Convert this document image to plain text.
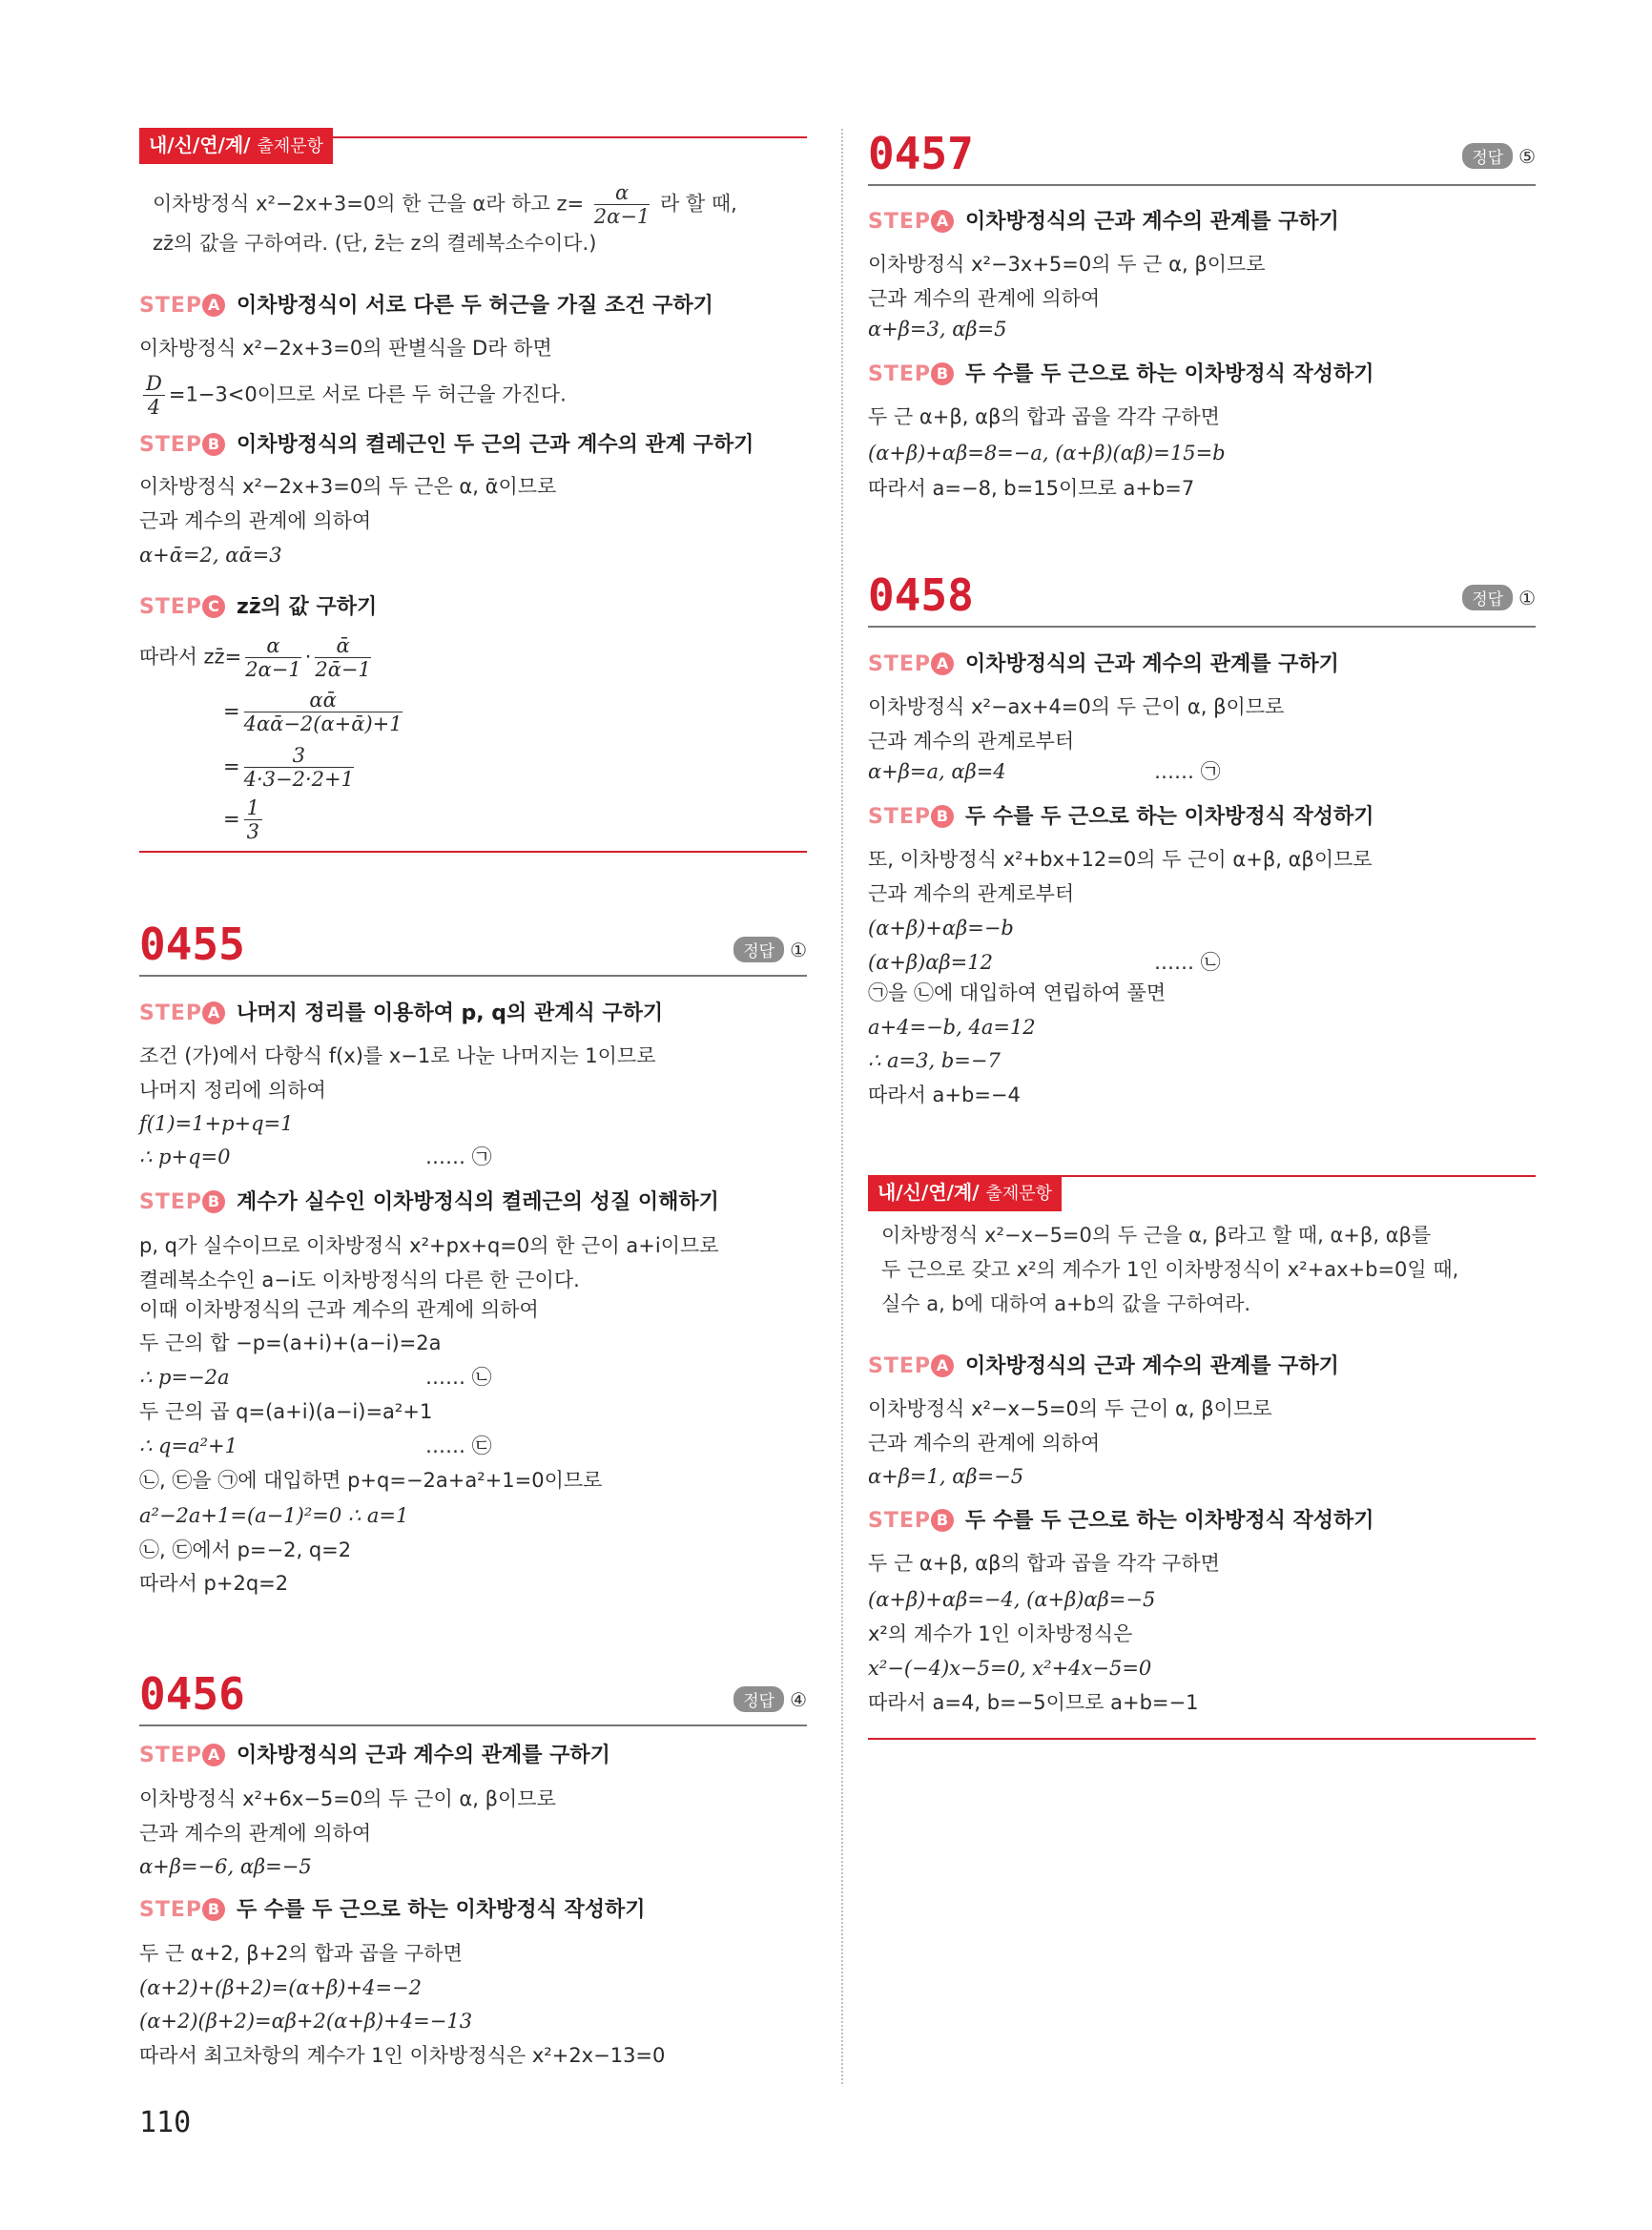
내/신/연/계/ 출제문항
이차방정식 x²−2x+3=0의 한 근을 α라 하고 $z= \frac{\alpha}{2\alpha-1}$ 라 할 때,
zz̄의 값을 구하여라. (단, z̄는 z의 켤레복소수이다.)
STEP A 이차방정식이 서로 다른 두 허근을 가질 조건 구하기
이차방정식 x²−2x+3=0의 판별식을 D라 하면
$\frac{D}{4} =1-3<0$이므로 서로 다른 두 허근을 가진다.
STEP B 이차방정식의 켤레근인 두 근의 근과 계수의 관계 구하기
이차방정식 x²−2x+3=0의 두 근은 α, ᾱ이므로
근과 계수의 관계에 의하여
α+ᾱ=2, αᾱ=3
STEP C zz̄의 값 구하기
따라서 zz̄= $\frac{\alpha}{2\alpha-1} \cdot \frac{\text{ᾱ}}{\text{2ᾱ−1}}$
= $\frac{\text{αᾱ}}{\text{4αᾱ−2(α+ᾱ)+1}}$
= $\frac{3}{4\cdot 3-2\cdot 2+1}$
= $\frac{1}{3}$
0455	정답 ①
STEP A 나머지 정리를 이용하여 p, q의 관계식 구하기
조건 (가)에서 다항식 f(x)를 x−1로 나눈 나머지는 1이므로
나머지 정리에 의하여
f(1)=1+p+q=1
∴ p+q=0	…… ㉠
STEP B 계수가 실수인 이차방정식의 켤레근의 성질 이해하기
p, q가 실수이므로 이차방정식 x²+px+q=0의 한 근이 a+i이므로
켤레복소수인 a−i도 이차방정식의 다른 한 근이다.
이때 이차방정식의 근과 계수의 관계에 의하여
두 근의 합 −p=(a+i)+(a−i)=2a
∴ p=−2a	…… ㉡
두 근의 곱 q=(a+i)(a−i)=a²+1
∴ q=a²+1	…… ㉢
㉡, ㉢을 ㉠에 대입하면 p+q=−2a+a²+1=0이므로
a²−2a+1=(a−1)²=0 ∴ a=1
㉡, ㉢에서 p=−2, q=2
따라서 p+2q=2
0456	정답 ④
STEP A 이차방정식의 근과 계수의 관계를 구하기
이차방정식 x²+6x−5=0의 두 근이 α, β이므로
근과 계수의 관계에 의하여
α+β=−6, αβ=−5
STEP B 두 수를 두 근으로 하는 이차방정식 작성하기
두 근 α+2, β+2의 합과 곱을 구하면
(α+2)+(β+2)=(α+β)+4=−2
(α+2)(β+2)=αβ+2(α+β)+4=−13
따라서 최고차항의 계수가 1인 이차방정식은 x²+2x−13=0
0457	정답 ⑤
STEP A 이차방정식의 근과 계수의 관계를 구하기
이차방정식 x²−3x+5=0의 두 근 α, β이므로
근과 계수의 관계에 의하여
α+β=3, αβ=5
STEP B 두 수를 두 근으로 하는 이차방정식 작성하기
두 근 α+β, αβ의 합과 곱을 각각 구하면
(α+β)+αβ=8=−a, (α+β)(αβ)=15=b
따라서 a=−8, b=15이므로 a+b=7
0458	정답 ①
STEP A 이차방정식의 근과 계수의 관계를 구하기
이차방정식 x²−ax+4=0의 두 근이 α, β이므로
근과 계수의 관계로부터
α+β=a, αβ=4	…… ㉠
STEP B 두 수를 두 근으로 하는 이차방정식 작성하기
또, 이차방정식 x²+bx+12=0의 두 근이 α+β, αβ이므로
근과 계수의 관계로부터
(α+β)+αβ=−b
(α+β)αβ=12	…… ㉡
㉠을 ㉡에 대입하여 연립하여 풀면
a+4=−b, 4a=12
∴ a=3, b=−7
따라서 a+b=−4
내/신/연/계/ 출제문항
이차방정식 x²−x−5=0의 두 근을 α, β라고 할 때, α+β, αβ를
두 근으로 갖고 x²의 계수가 1인 이차방정식이 x²+ax+b=0일 때,
실수 a, b에 대하여 a+b의 값을 구하여라.
STEP A 이차방정식의 근과 계수의 관계를 구하기
이차방정식 x²−x−5=0의 두 근이 α, β이므로
근과 계수의 관계에 의하여
α+β=1, αβ=−5
STEP B 두 수를 두 근으로 하는 이차방정식 작성하기
두 근 α+β, αβ의 합과 곱을 각각 구하면
(α+β)+αβ=−4, (α+β)αβ=−5
x²의 계수가 1인 이차방정식은
x²−(−4)x−5=0, x²+4x−5=0
따라서 a=4, b=−5이므로 a+b=−1
110
